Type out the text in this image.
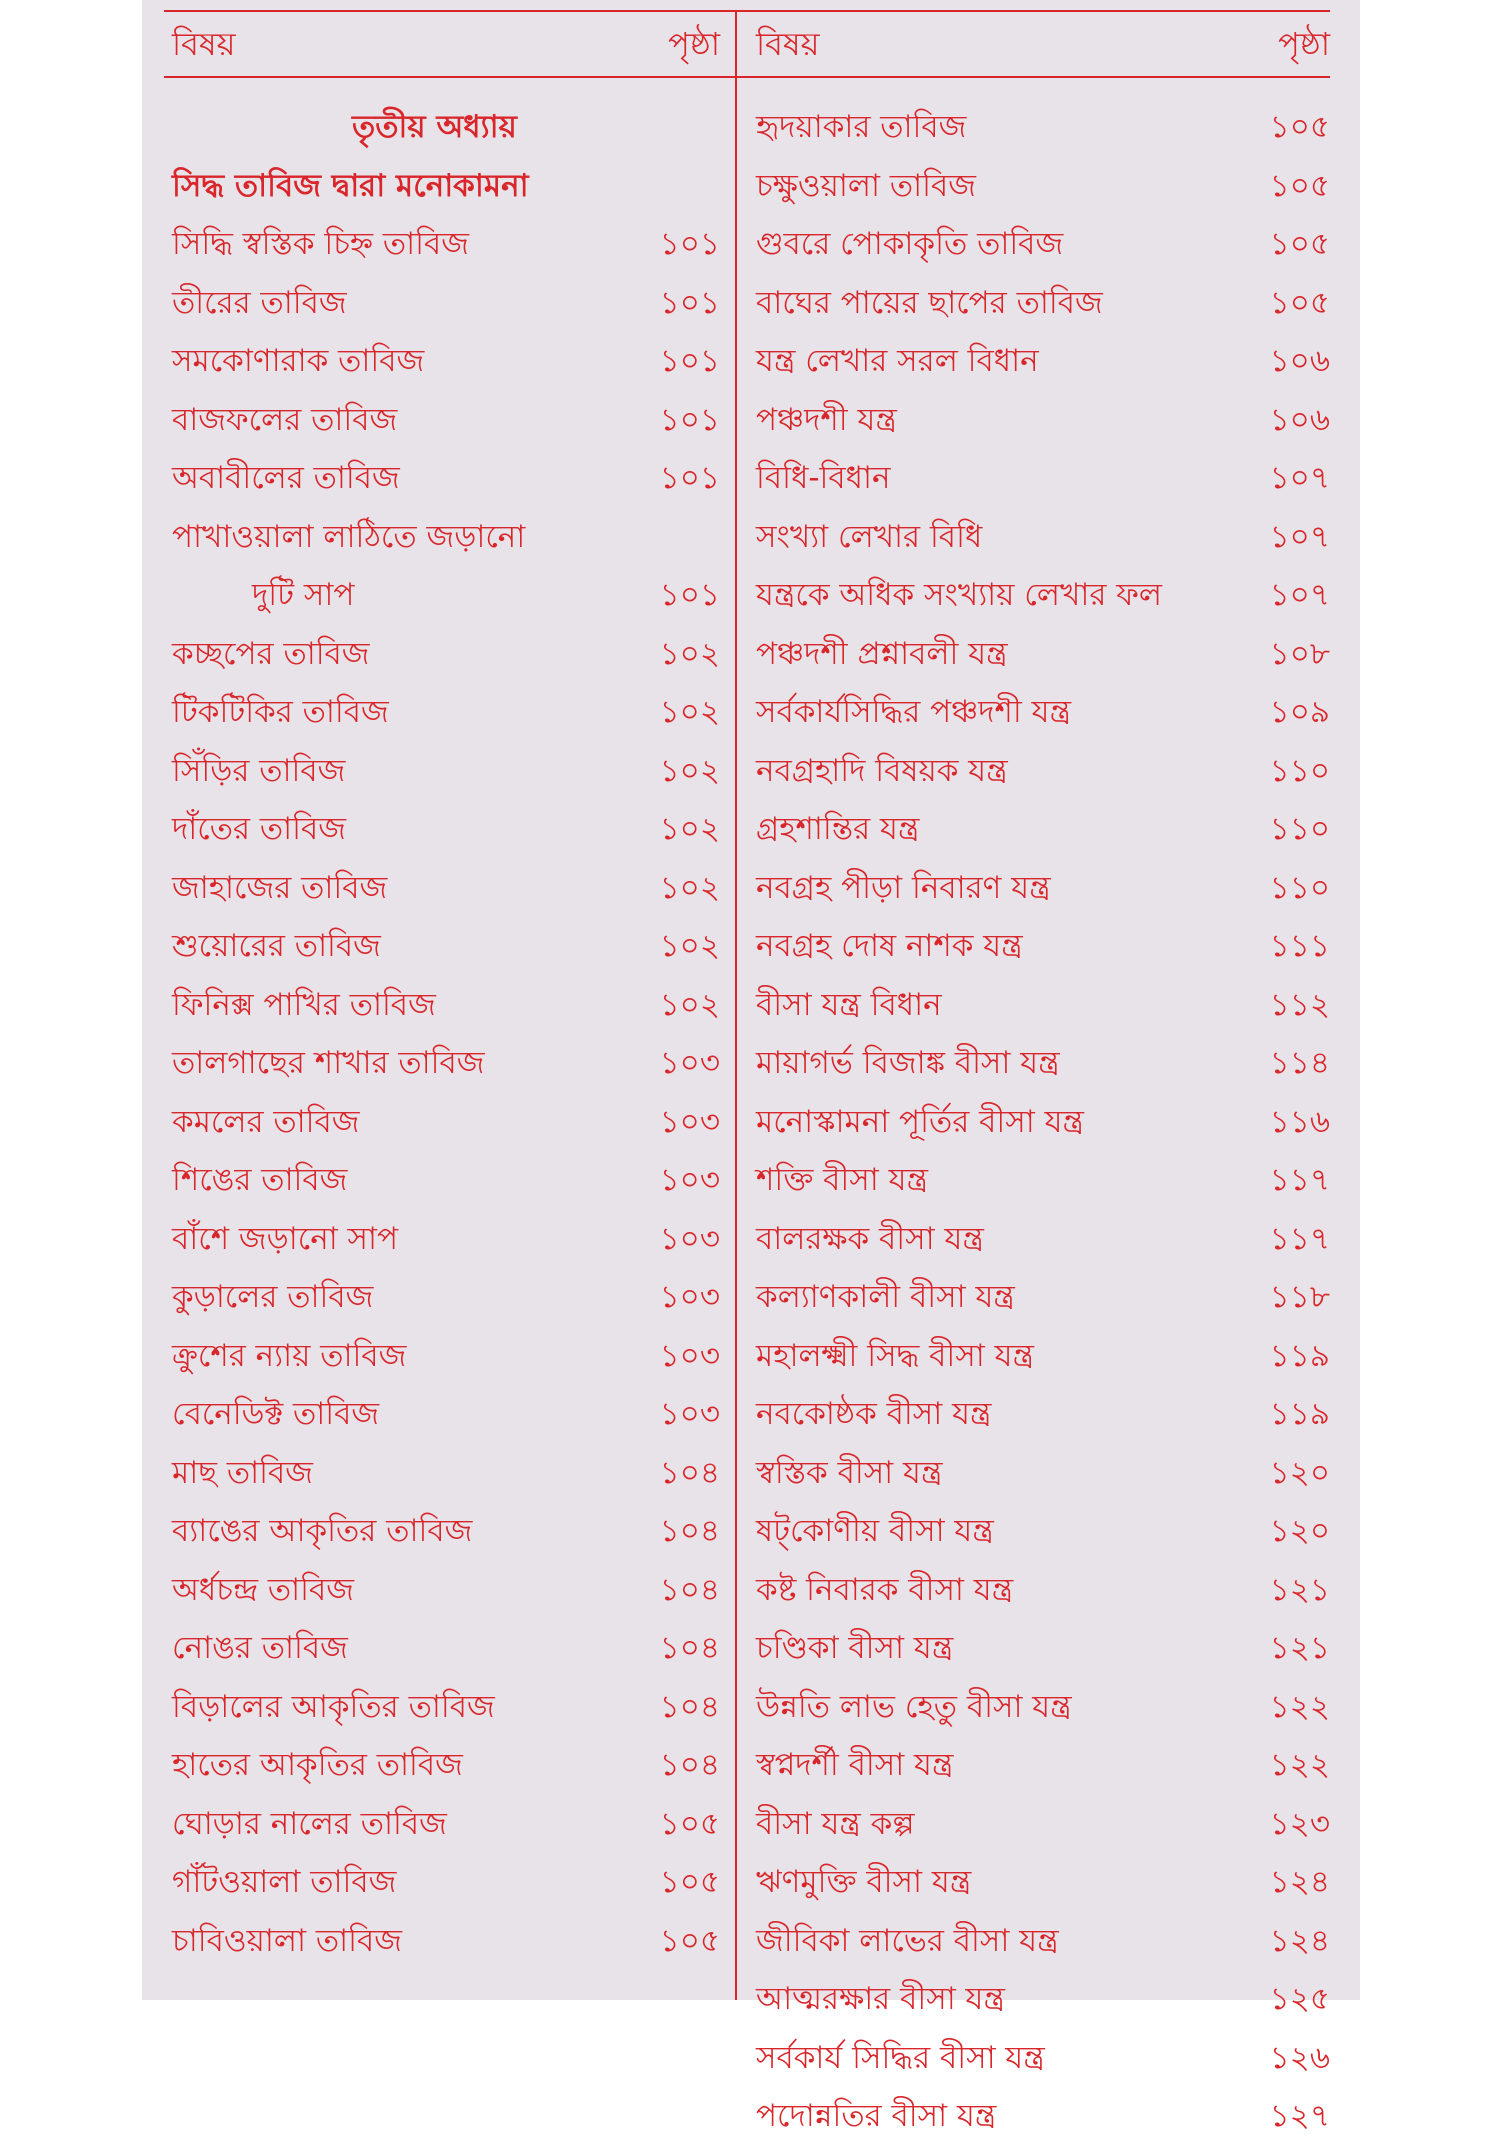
বিষয়	পৃষ্ঠা
তৃতীয় অধ্যায়
সিদ্ধ তাবিজ দ্বারা মনোকামনা
সিদ্ধি স্বস্তিক চিহ্ন তাবিজ	১০১
তীরের তাবিজ	১০১
সমকোণারাক তাবিজ	১০১
বাজফলের তাবিজ	১০১
অবাবীলের তাবিজ	১০১
পাখাওয়ালা লাঠিতে জড়ানো
দুটি সাপ	১০১
কচ্ছপের তাবিজ	১০২
টিকটিকির তাবিজ	১০২
সিঁড়ির তাবিজ	১০২
দাঁতের তাবিজ	১০২
জাহাজের তাবিজ	১০২
শুয়োরের তাবিজ	১০২
ফিনিক্স পাখির তাবিজ	১০২
তালগাছের শাখার তাবিজ	১০৩
কমলের তাবিজ	১০৩
শিঙের তাবিজ	১০৩
বাঁশে জড়ানো সাপ	১০৩
কুড়ালের তাবিজ	১০৩
ক্রুশের ন্যায় তাবিজ	১০৩
বেনেডিক্ট তাবিজ	১০৩
মাছ তাবিজ	১০৪
ব্যাঙের আকৃতির তাবিজ	১০৪
অর্ধচন্দ্র তাবিজ	১০৪
নোঙর তাবিজ	১০৪
বিড়ালের আকৃতির তাবিজ	১০৪
হাতের আকৃতির তাবিজ	১০৪
ঘোড়ার নালের তাবিজ	১০৫
গাঁটওয়ালা তাবিজ	১০৫
চাবিওয়ালা তাবিজ	১০৫
বিষয়	পৃষ্ঠা
হৃদয়াকার তাবিজ	১০৫
চক্ষুওয়ালা তাবিজ	১০৫
গুবরে পোকাকৃতি তাবিজ	১০৫
বাঘের পায়ের ছাপের তাবিজ	১০৫
যন্ত্র লেখার সরল বিধান	১০৬
পঞ্চদশী যন্ত্র	১০৬
বিধি-বিধান	১০৭
সংখ্যা লেখার বিধি	১০৭
যন্ত্রকে অধিক সংখ্যায় লেখার ফল	১০৭
পঞ্চদশী প্রশ্নাবলী যন্ত্র	১০৮
সর্বকার্যসিদ্ধির পঞ্চদশী যন্ত্র	১০৯
নবগ্রহাদি বিষয়ক যন্ত্র	১১০
গ্রহশান্তির যন্ত্র	১১০
নবগ্রহ পীড়া নিবারণ যন্ত্র	১১০
নবগ্রহ দোষ নাশক যন্ত্র	১১১
বীসা যন্ত্র বিধান	১১২
মায়াগর্ভ বিজাঙ্ক বীসা যন্ত্র	১১৪
মনোস্কামনা পূর্তির বীসা যন্ত্র	১১৬
শক্তি বীসা যন্ত্র	১১৭
বালরক্ষক বীসা যন্ত্র	১১৭
কল্যাণকালী বীসা যন্ত্র	১১৮
মহালক্ষ্মী সিদ্ধ বীসা যন্ত্র	১১৯
নবকোষ্ঠক বীসা যন্ত্র	১১৯
স্বস্তিক বীসা যন্ত্র	১২০
ষট্‌কোণীয় বীসা যন্ত্র	১২০
কষ্ট নিবারক বীসা যন্ত্র	১২১
চণ্ডিকা বীসা যন্ত্র	১২১
উন্নতি লাভ হেতু বীসা যন্ত্র	১২২
স্বপ্নদর্শী বীসা যন্ত্র	১২২
বীসা যন্ত্র কল্প	১২৩
ঋণমুক্তি বীসা যন্ত্র	১২৪
জীবিকা লাভের বীসা যন্ত্র	১২৪
আত্মরক্ষার বীসা যন্ত্র	১২৫
সর্বকার্য সিদ্ধির বীসা যন্ত্র	১২৬
পদোন্নতির বীসা যন্ত্র	১২৭
